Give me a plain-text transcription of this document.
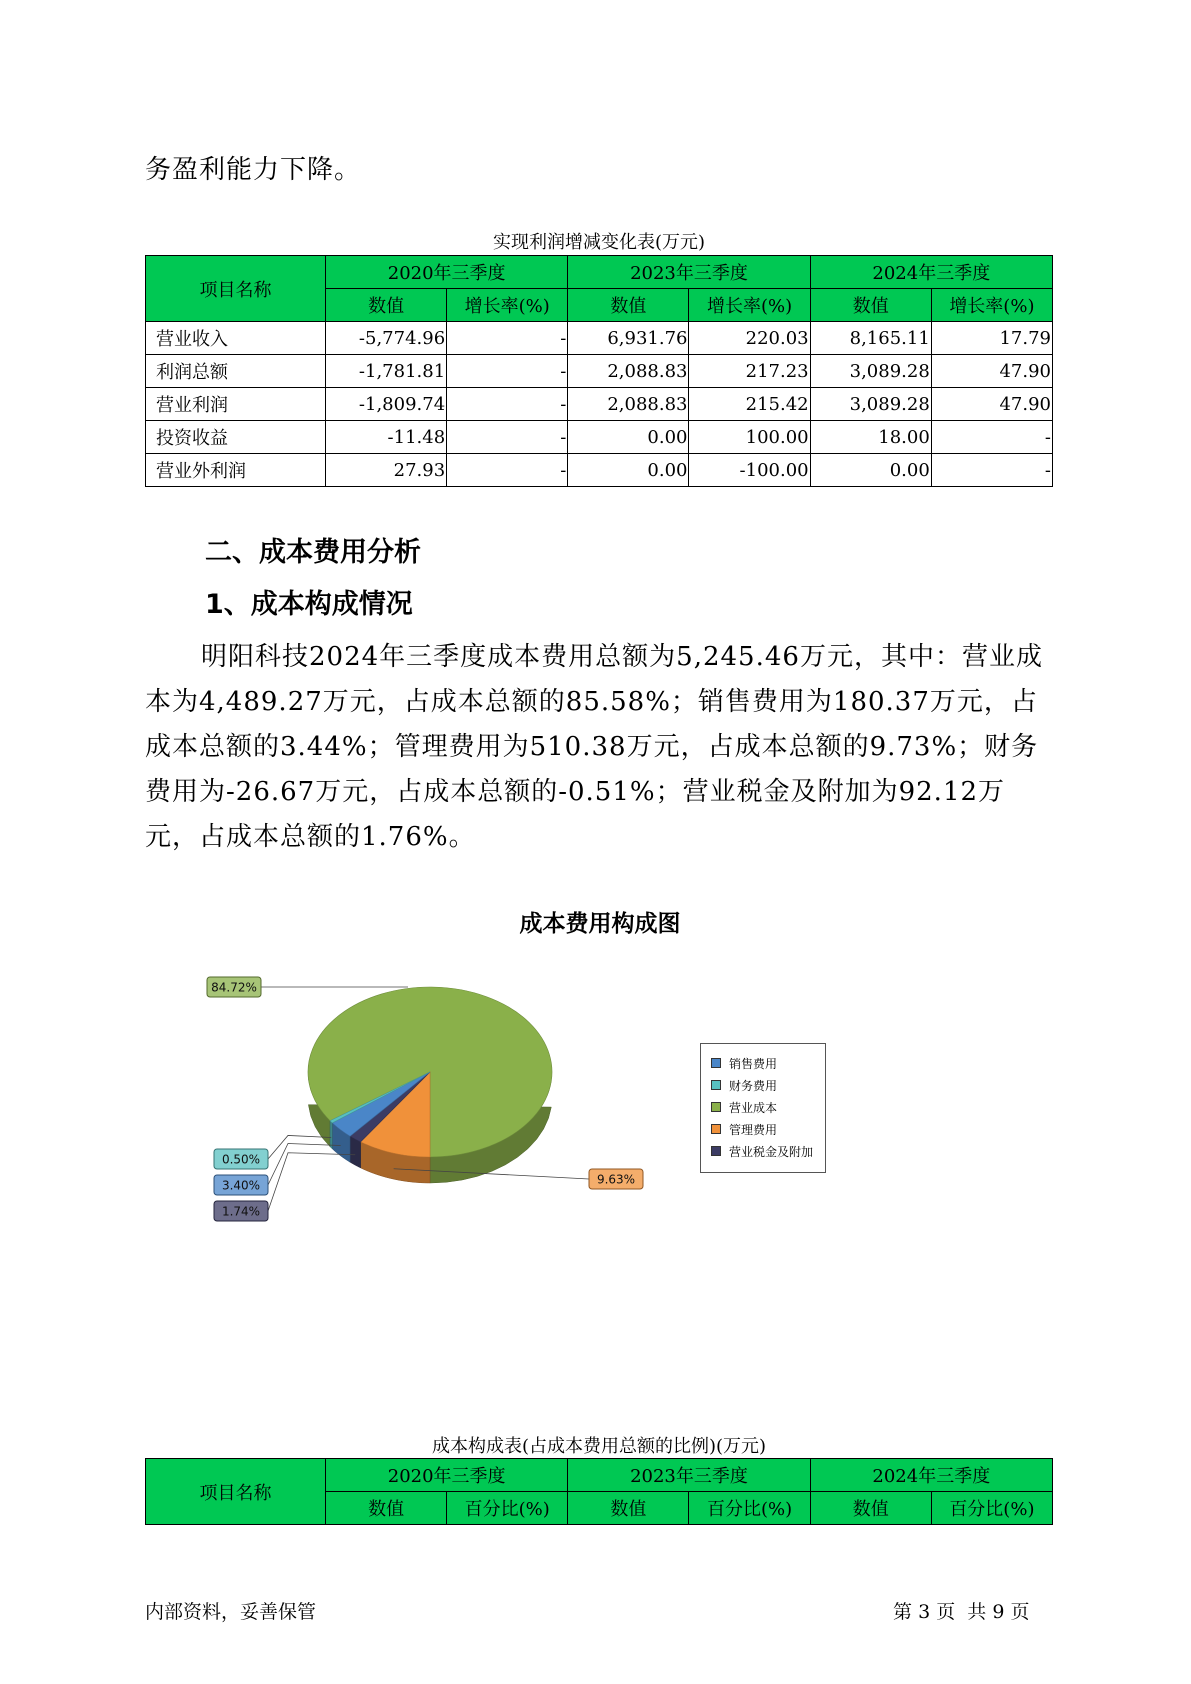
务盈利能力下降。
实现利润增减变化表(万元)
项目名称	2020年三季度		2023年三季度		2024年三季度	
	数值	增长率(%)	数值	增长率(%)	数值	增长率(%)
营业收入	-5,774.96	-	6,931.76	220.03	8,165.11	17.79
利润总额	-1,781.81	-	2,088.83	217.23	3,089.28	47.90
营业利润	-1,809.74	-	2,088.83	215.42	3,089.28	47.90
投资收益	-11.48	-	0.00	100.00	18.00	-
营业外利润	27.93	-	0.00	-100.00	0.00	-
二、成本费用分析
1、成本构成情况
明阳科技2024年三季度成本费用总额为5,245.46万元，其中：营业成本为4,489.27万元，占成本总额的85.58%；销售费用为180.37万元，占成本总额的3.44%；管理费用为510.38万元，占成本总额的9.73%；财务费用为-26.67万元，占成本总额的-0.51%；营业税金及附加为92.12万元，占成本总额的1.76%。
成本费用构成图
84.72%
9.63%
1.74%
3.40%
0.50%
销售费用
财务费用
营业成本
管理费用
营业税金及附加
成本构成表(占成本费用总额的比例)(万元)
项目名称	2020年三季度		2023年三季度		2024年三季度	
	数值	百分比(%)	数值	百分比(%)	数值	百分比(%)
内部资料，妥善保管	第 3 页  共 9 页
